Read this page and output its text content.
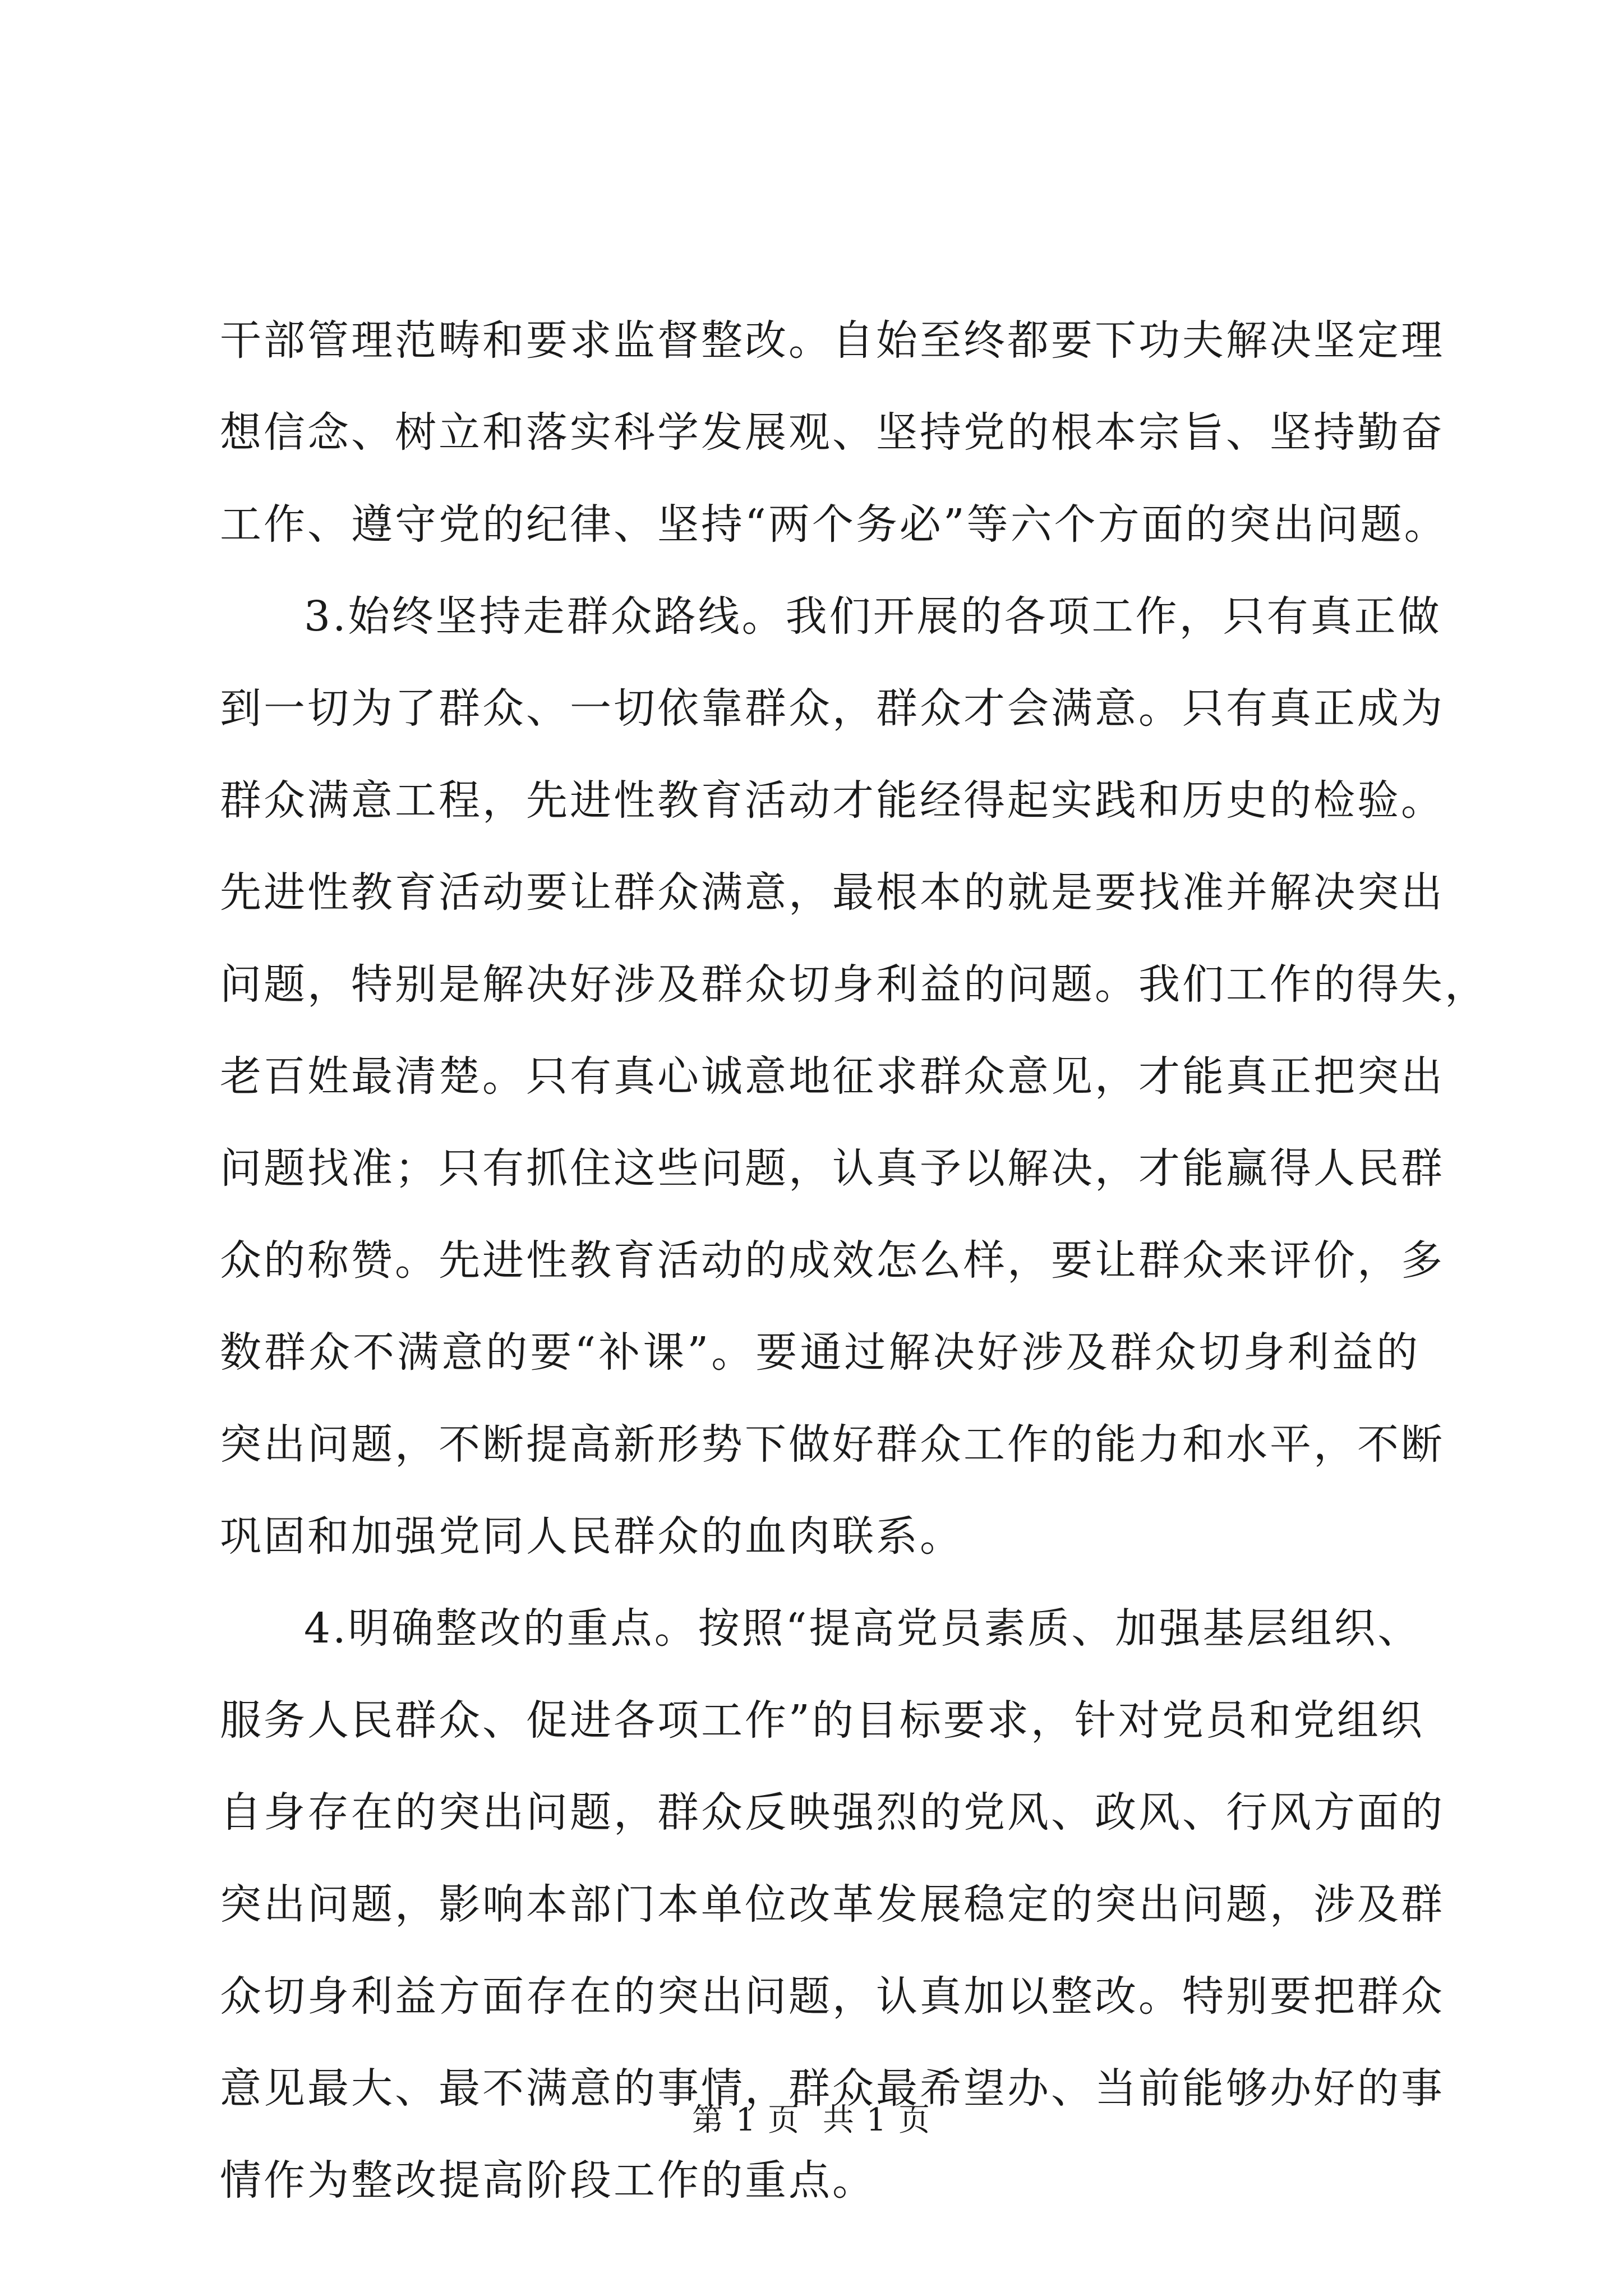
干部管理范畴和要求监督整改。自始至终都要下功夫解决坚定理
想信念、树立和落实科学发展观、坚持党的根本宗旨、坚持勤奋
工作、遵守党的纪律、坚持“两个务必”等六个方面的突出问题。
3.始终坚持走群众路线。我们开展的各项工作，只有真正做
到一切为了群众、一切依靠群众，群众才会满意。只有真正成为
群众满意工程，先进性教育活动才能经得起实践和历史的检验。
先进性教育活动要让群众满意，最根本的就是要找准并解决突出
问题，特别是解决好涉及群众切身利益的问题。我们工作的得失，
老百姓最清楚。只有真心诚意地征求群众意见，才能真正把突出
问题找准；只有抓住这些问题，认真予以解决，才能赢得人民群
众的称赞。先进性教育活动的成效怎么样，要让群众来评价，多
数群众不满意的要“补课”。要通过解决好涉及群众切身利益的
突出问题，不断提高新形势下做好群众工作的能力和水平，不断
巩固和加强党同人民群众的血肉联系。
4.明确整改的重点。按照“提高党员素质、加强基层组织、
服务人民群众、促进各项工作”的目标要求，针对党员和党组织
自身存在的突出问题，群众反映强烈的党风、政风、行风方面的
突出问题，影响本部门本单位改革发展稳定的突出问题，涉及群
众切身利益方面存在的突出问题，认真加以整改。特别要把群众
意见最大、最不满意的事情，群众最希望办、当前能够办好的事
情作为整改提高阶段工作的重点。
第 1 页 共 1 页
